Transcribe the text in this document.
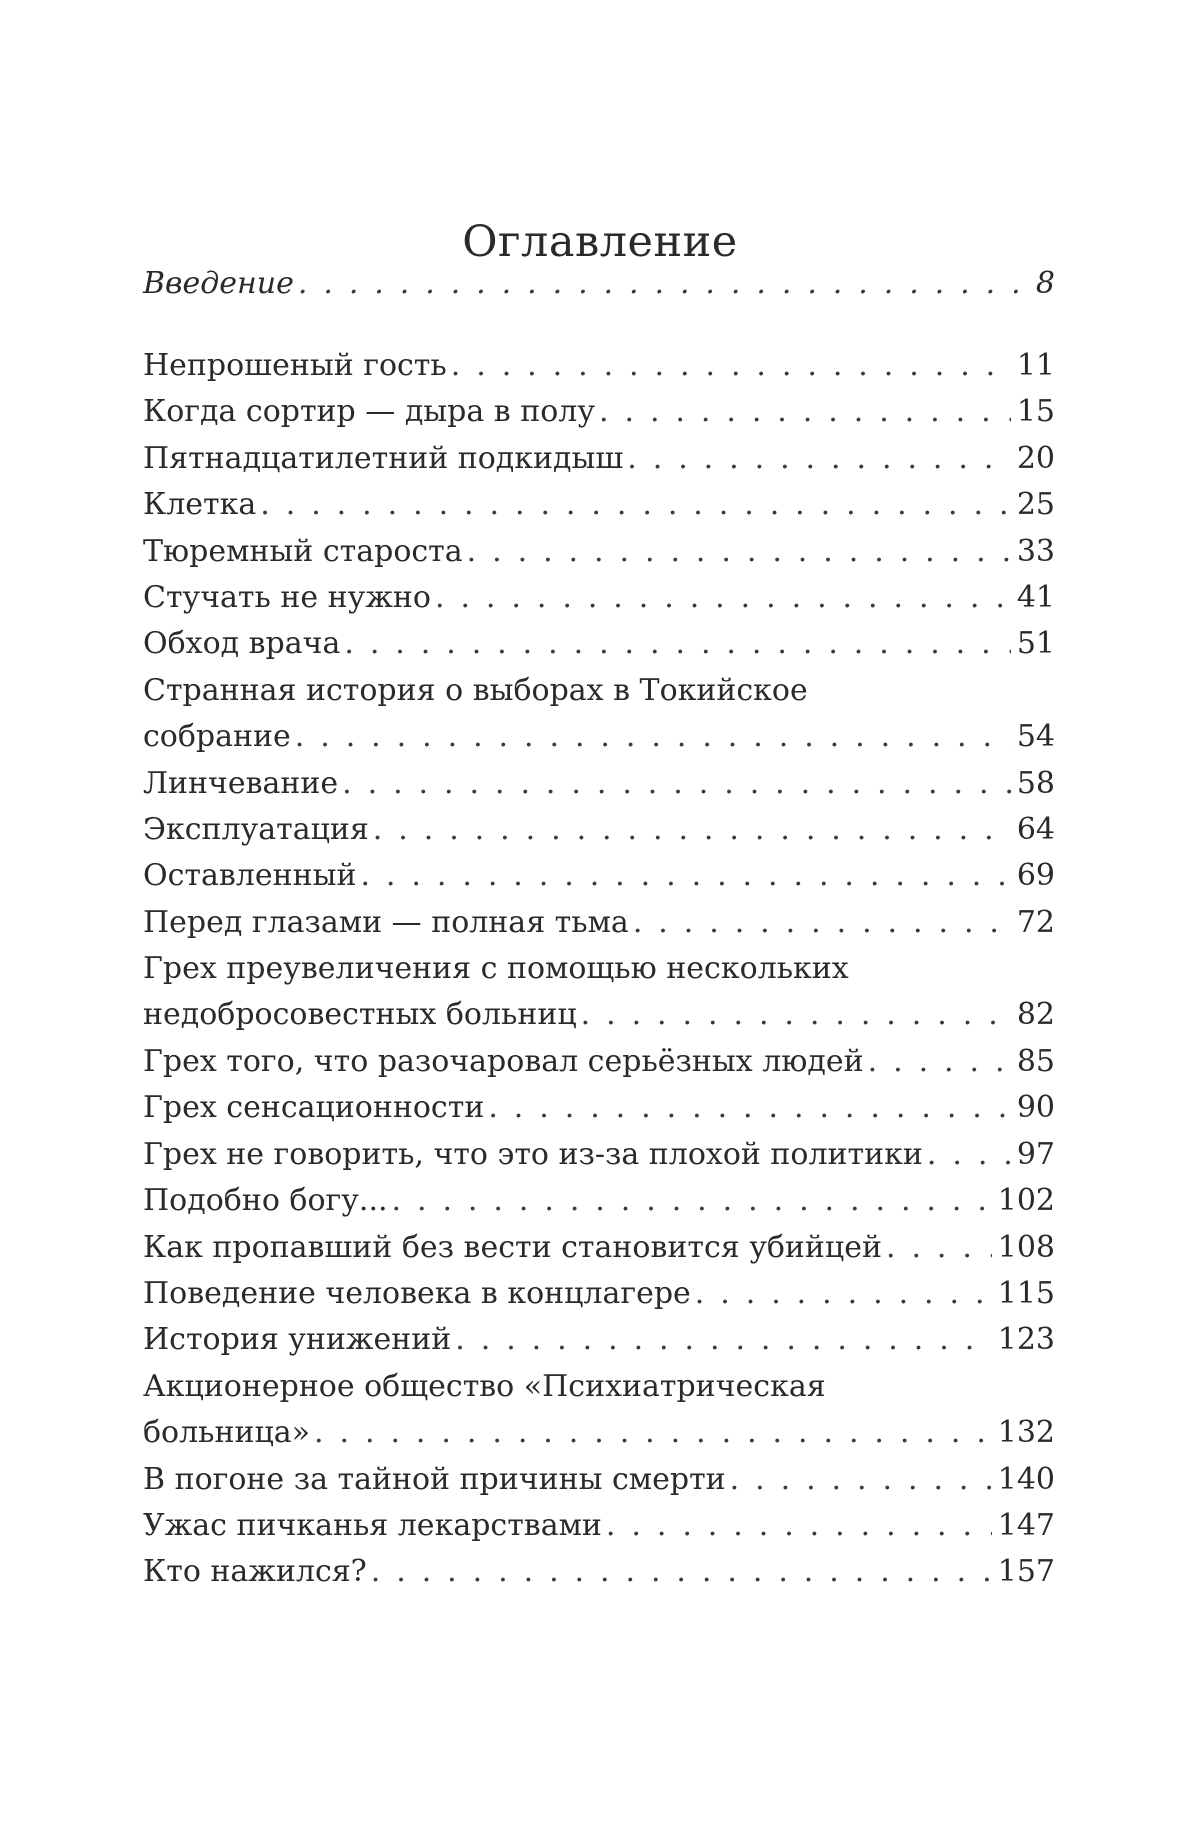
Оглавление
Введение . . .	8
Непрошеный гость . . .	11
Когда сортир — дыра в полу . . .	15
Пятнадцатилетний подкидыш . . .	20
Клетка . . .	25
Тюремный староста . . .	33
Стучать не нужно . . .	41
Обход врача . . .	51
Странная история о выборах в Токийское
собрание . . .	54
Линчевание . . .	58
Эксплуатация . . .	64
Оставленный . . .	69
Перед глазами — полная тьма . . .	72
Грех преувеличения с помощью нескольких
недобросовестных больниц . . .	82
Грех того, что разочаровал серьёзных людей . . .	85
Грех сенсационности . . .	90
Грех не говорить, что это из-за плохой политики . . .	97
Подобно богу... . . .	102
Как пропавший без вести становится убийцей . . .	108
Поведение человека в концлагере . . .	115
История унижений . . .	123
Акционерное общество «Психиатрическая
больница» . . .	132
В погоне за тайной причины смерти . . .	140
Ужас пичканья лекарствами . . .	147
Кто нажился? . . .	157
